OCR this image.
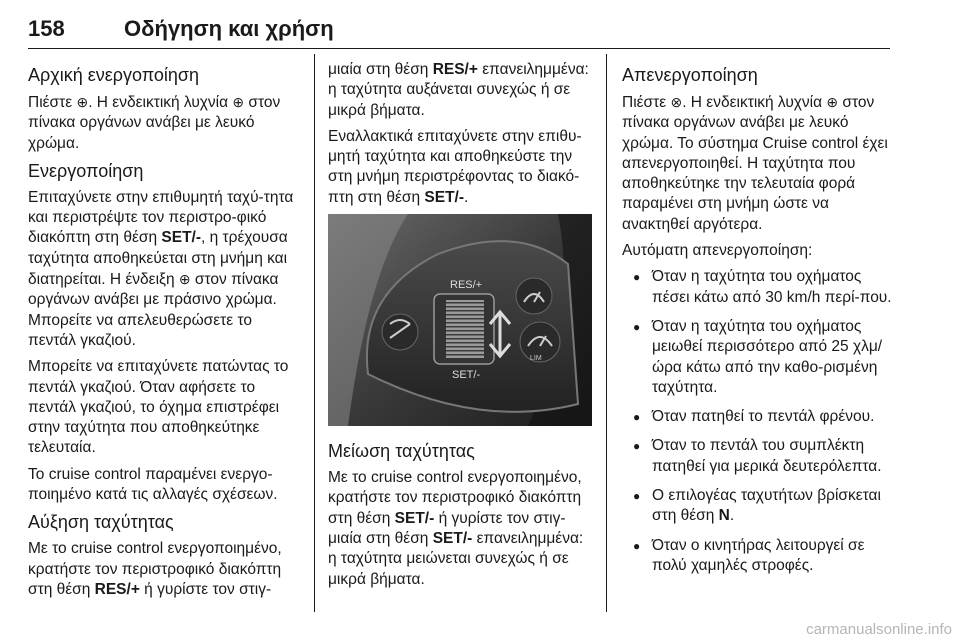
158	Οδήγηση και χρήση
Αρχική ενεργοποίηση

Πιέστε ⊕. Η ενδεικτική λυχνία ⊕ στον πίνακα οργάνων ανάβει με λευκό χρώμα.

Ενεργοποίηση

Επιταχύνετε στην επιθυμητή ταχύ-τητα και περιστρέψτε τον περιστρο-φικό διακόπτη στη θέση SET/-, η τρέχουσα ταχύτητα αποθηκεύεται στη μνήμη και διατηρείται. Η ένδειξη ⊕ στον πίνακα οργάνων ανάβει με πράσινο χρώμα. Μπορείτε να απελευθερώσετε το πεντάλ γκαζιού.

Μπορείτε να επιταχύνετε πατώντας το πεντάλ γκαζιού. Όταν αφήσετε το πεντάλ γκαζιού, το όχημα επιστρέφει στην ταχύτητα που αποθηκεύτηκε τελευταία.

Το cruise control παραμένει ενεργο-ποιημένο κατά τις αλλαγές σχέσεων.

Αύξηση ταχύτητας

Με το cruise control ενεργοποιημένο, κρατήστε τον περιστροφικό διακόπτη στη θέση RES/+ ή γυρίστε τον στιγ-

μιαία στη θέση RES/+ επανειλημμένα: η ταχύτητα αυξάνεται συνεχώς ή σε μικρά βήματα.

Εναλλακτικά επιταχύνετε στην επιθυ-μητή ταχύτητα και αποθηκεύστε την στη μνήμη περιστρέφοντας το διακό-πτη στη θέση SET/-.

RES/+
SET/-
LIM
Μείωση ταχύτητας

Με το cruise control ενεργοποιημένο, κρατήστε τον περιστροφικό διακόπτη στη θέση SET/- ή γυρίστε τον στιγ-μιαία στη θέση SET/- επανειλημμένα: η ταχύτητα μειώνεται συνεχώς ή σε μικρά βήματα.

Απενεργοποίηση

Πιέστε ⊗. Η ενδεικτική λυχνία ⊕ στον πίνακα οργάνων ανάβει με λευκό χρώμα. Το σύστημα Cruise control έχει απενεργοποιηθεί. Η ταχύτητα που αποθηκεύτηκε την τελευταία φορά παραμένει στη μνήμη ώστε να ανακτηθεί αργότερα.

Αυτόματη απενεργοποίηση:

● Όταν η ταχύτητα του οχήματος πέσει κάτω από 30 km/h περί-που.
● Όταν η ταχύτητα του οχήματος μειωθεί περισσότερο από 25 χλμ/ώρα κάτω από την καθο-ρισμένη ταχύτητα.
● Όταν πατηθεί το πεντάλ φρένου.
● Όταν το πεντάλ του συμπλέκτη πατηθεί για μερικά δευτερόλεπτα.
● Ο επιλογέας ταχυτήτων βρίσκεται στη θέση N.
● Όταν ο κινητήρας λειτουργεί σε πολύ χαμηλές στροφές.
carmanualsonline.info
